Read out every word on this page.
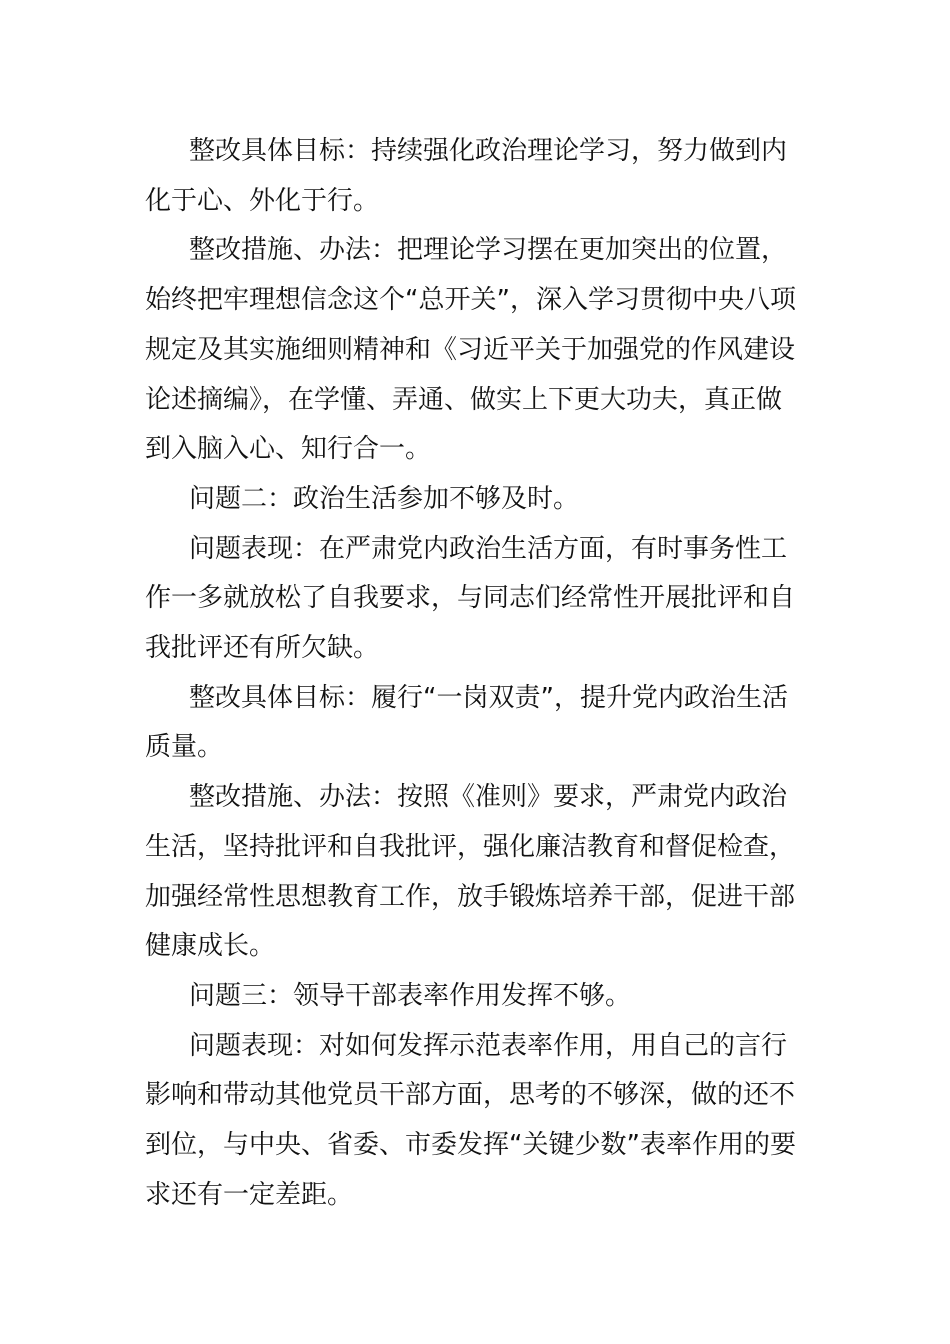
整改具体目标：持续强化政治理论学习，努力做到内化于心、外化于行。

整改措施、办法：把理论学习摆在更加突出的位置，始终把牢理想信念这个“总开关”，深入学习贯彻中央八项规定及其实施细则精神和《习近平关于加强党的作风建设论述摘编》，在学懂、弄通、做实上下更大功夫，真正做到入脑入心、知行合一。

问题二：政治生活参加不够及时。

问题表现：在严肃党内政治生活方面，有时事务性工作一多就放松了自我要求，与同志们经常性开展批评和自我批评还有所欠缺。

整改具体目标：履行“一岗双责”，提升党内政治生活质量。

整改措施、办法：按照《准则》要求，严肃党内政治生活，坚持批评和自我批评，强化廉洁教育和督促检查，加强经常性思想教育工作，放手锻炼培养干部，促进干部健康成长。

问题三：领导干部表率作用发挥不够。

问题表现：对如何发挥示范表率作用，用自己的言行影响和带动其他党员干部方面，思考的不够深，做的还不到位，与中央、省委、市委发挥“关键少数”表率作用的要求还有一定差距。
